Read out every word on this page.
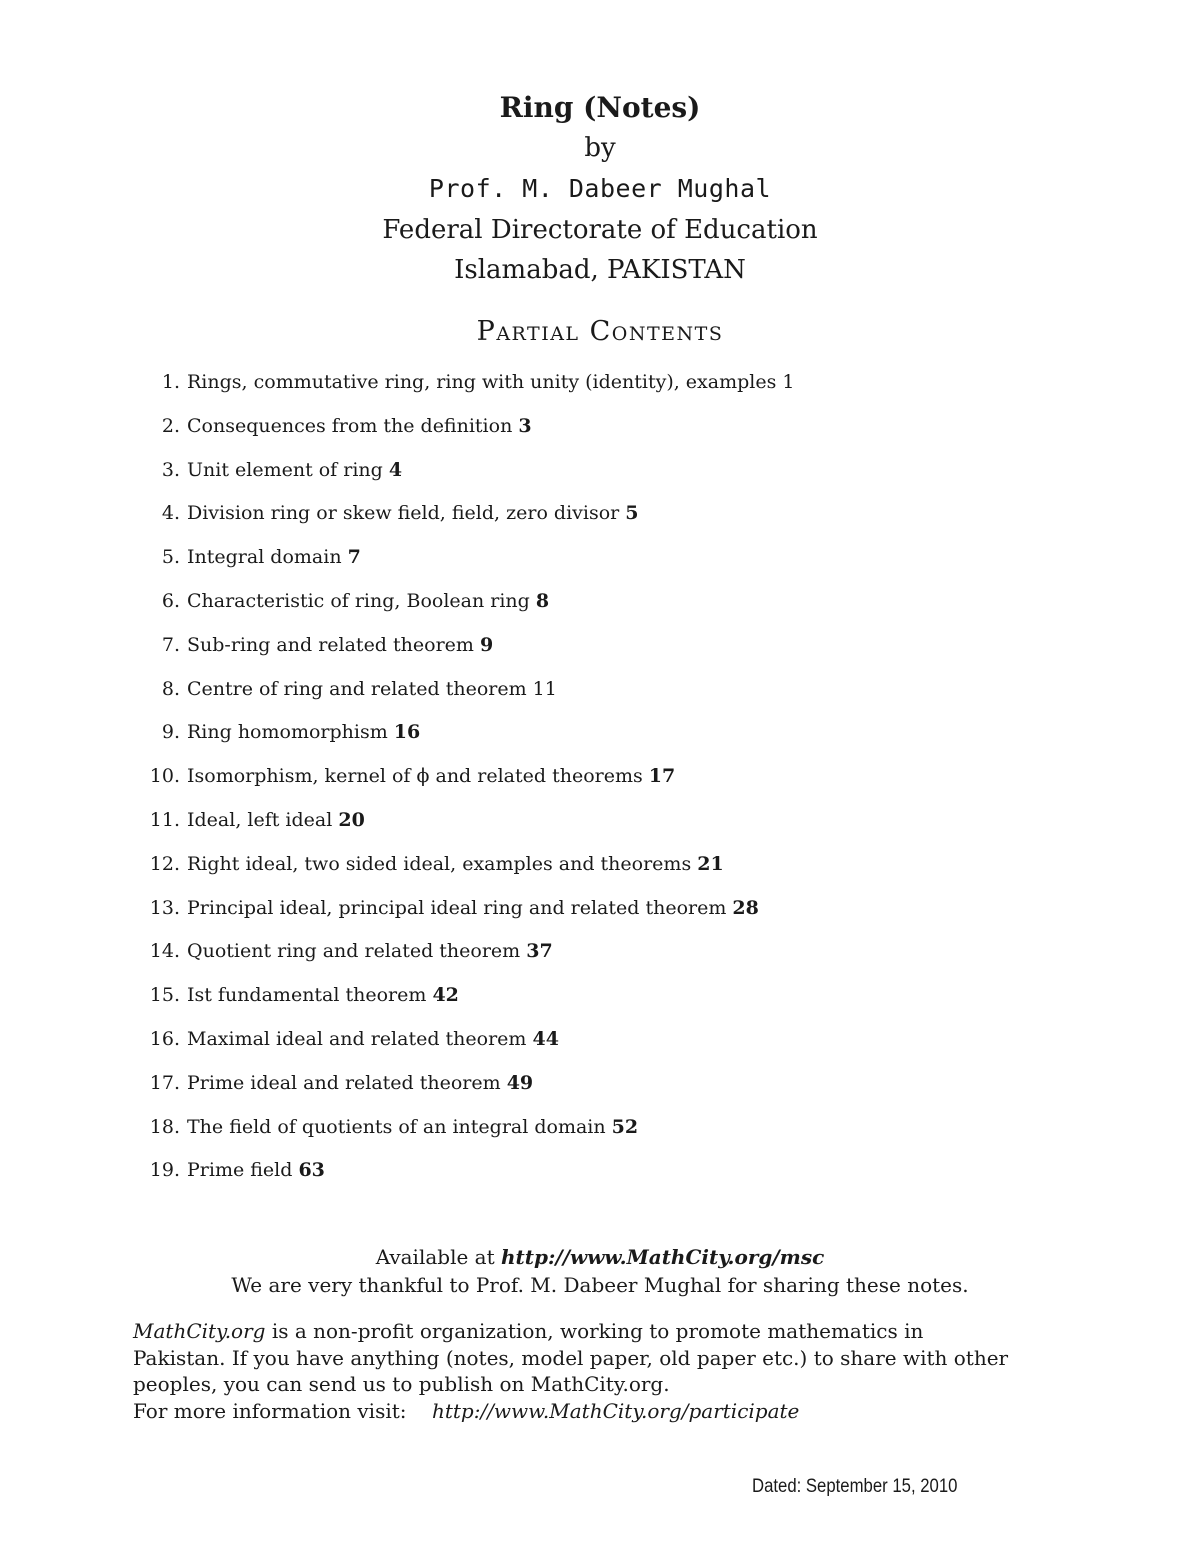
Ring (Notes)
by
Prof. M. Dabeer Mughal
Federal Directorate of Education
Islamabad, PAKISTAN
Partial Contents
1. Rings, commutative ring, ring with unity (identity), examples 1
2. Consequences from the definition 3
3. Unit element of ring 4
4. Division ring or skew field, field, zero divisor 5
5. Integral domain 7
6. Characteristic of ring, Boolean ring 8
7. Sub-ring and related theorem 9
8. Centre of ring and related theorem 11
9. Ring homomorphism 16
10. Isomorphism, kernel of ϕ and related theorems 17
11. Ideal, left ideal 20
12. Right ideal, two sided ideal, examples and theorems 21
13. Principal ideal, principal ideal ring and related theorem 28
14. Quotient ring and related theorem 37
15. Ist fundamental theorem 42
16. Maximal ideal and related theorem 44
17. Prime ideal and related theorem 49
18. The field of quotients of an integral domain 52
19. Prime field 63
Available at http://www.MathCity.org/msc
We are very thankful to Prof. M. Dabeer Mughal for sharing these notes.

MathCity.org is a non-profit organization, working to promote mathematics in Pakistan. If you have anything (notes, model paper, old paper etc.) to share with other peoples, you can send us to publish on MathCity.org.

For more information visit: http://www.MathCity.org/participate

Dated: September 15, 2010
